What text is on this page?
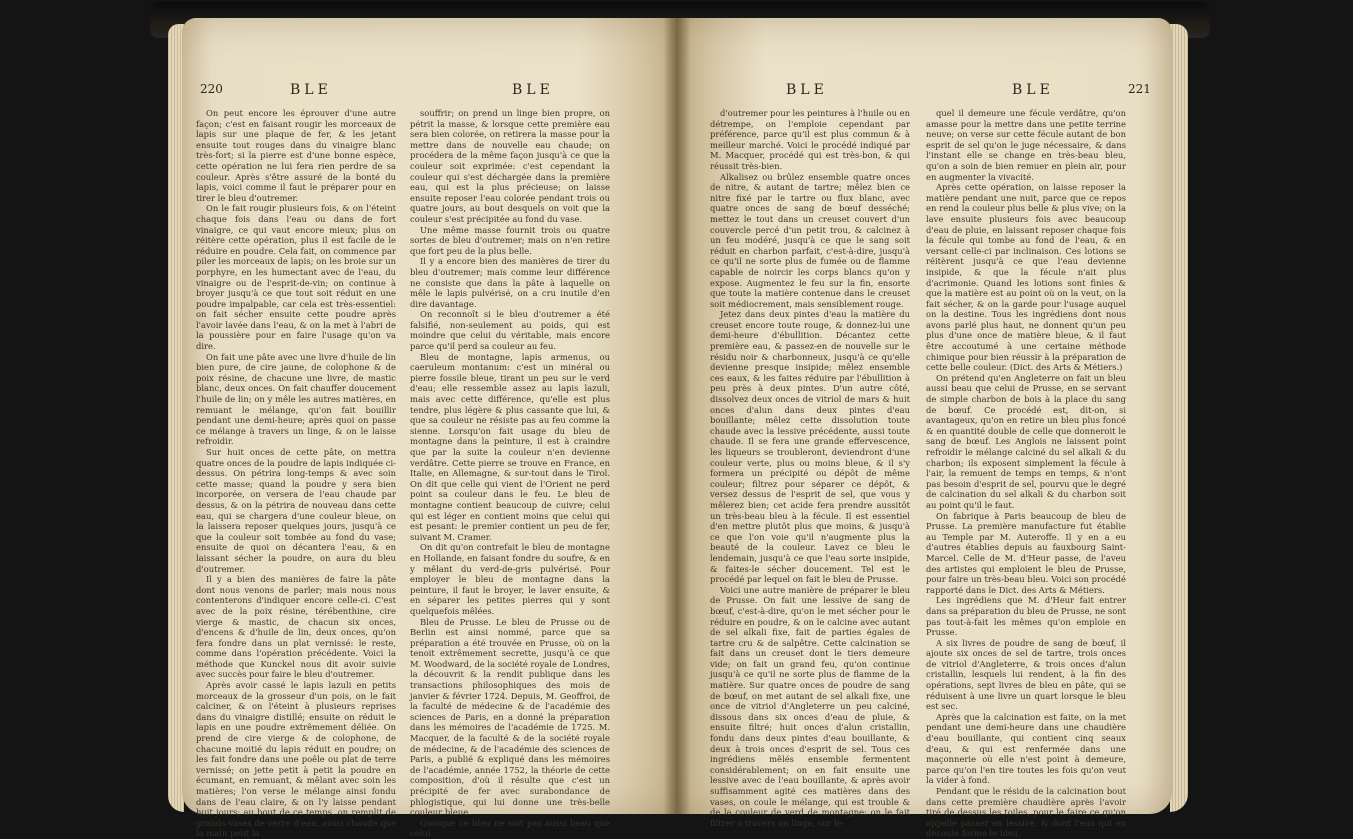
220	BLE	BLE

On peut encore les éprouver d'une autre façon; c'est en faisant rougir les morceaux de lapis sur une plaque de fer, & les jetant ensuite tout rouges dans du vinaigre blanc très-fort; si la pierre est d'une bonne espèce, cette opération ne lui fera rien perdre de sa couleur. Après s'être assuré de la bonté du lapis, voici comme il faut le préparer pour en tirer le bleu d'outremer.

On le fait rougir plusieurs fois, & on l'éteint chaque fois dans l'eau ou dans de fort vinaigre, ce qui vaut encore mieux; plus on réitère cette opération, plus il est facile de le réduire en poudre. Cela fait, on commence par piler les morceaux de lapis; on les broie sur un porphyre, en les humectant avec de l'eau, du vinaigre ou de l'esprit-de-vin; on continue à broyer jusqu'à ce que tout soit réduit en une poudre impalpable, car cela est très-essentiel: on fait sécher ensuite cette poudre après l'avoir lavée dans l'eau, & on la met à l'abri de la poussière pour en faire l'usage qu'on va dire.

On fait une pâte avec une livre d'huile de lin bien pure, de cire jaune, de colophone & de poix résine, de chacune une livre, de mastic blanc, deux onces. On fait chauffer doucement l'huile de lin; on y mêle les autres matières, en remuant le mélange, qu'on fait bouillir pendant une demi-heure; après quoi on passe ce mélange à travers un linge, & on le laisse refroidir.

Sur huit onces de cette pâte, on mettra quatre onces de la poudre de lapis indiquée ci-dessus. On pétrira long-temps & avec soin cette masse; quand la poudre y sera bien incorporée, on versera de l'eau chaude par dessus, & on la pétrira de nouveau dans cette eau, qui se chargera d'une couleur bleue, on la laissera reposer quelques jours, jusqu'à ce que la couleur soit tombée au fond du vase; ensuite de quoi on décantera l'eau, & en laissant sécher la poudre, on aura du bleu d'outremer.

Il y a bien des manières de faire la pâte dont nous venons de parler; mais nous nous contenterons d'indiquer encore celle-ci. C'est avec de la poix résine, térébenthine, cire vierge & mastic, de chacun six onces, d'encens & d'huile de lin, deux onces, qu'on fera fondre dans un plat vernissé: le reste, comme dans l'opération précédente. Voici la méthode que Kunckel nous dit avoir suivie avec succès pour faire le bleu d'outremer.

Après avoir cassé le lapis lazuli en petits morceaux de la grosseur d'un pois, on le fait calciner, & on l'éteint à plusieurs reprises dans du vinaigre distillé; ensuite on réduit le lapis en une poudre extrêmement déliée. On prend de cire vierge & de colophone, de chacune moitié du lapis réduit en poudre; on les fait fondre dans une poêle ou plat de terre vernissé; on jette petit à petit la poudre en écumant, en remuant, & mêlant avec soin les matières; l'on verse le mélange ainsi fondu dans de l'eau claire, & on l'y laisse pendant huit jours; au bout de ce temps, on remplit de grands vases de verre d'eau, aussi chaude que la main peut la

souffrir; on prend un linge bien propre, on pétrit la masse, & lorsque cette première eau sera bien colorée, on retirera la masse pour la mettre dans de nouvelle eau chaude; on procédera de la même façon jusqu'à ce que la couleur soit exprimée: c'est cependant la couleur qui s'est déchargée dans la première eau, qui est la plus précieuse; on laisse ensuite reposer l'eau colorée pendant trois ou quatre jours, au bout desquels on voit que la couleur s'est précipitée au fond du vase.

Une même masse fournit trois ou quatre sortes de bleu d'outremer; mais on n'en retire que fort peu de la plus belle.

Il y a encore bien des manières de tirer du bleu d'outremer; mais comme leur différence ne consiste que dans la pâte à laquelle on mêle le lapis pulvérisé, on a cru inutile d'en dire davantage.

On reconnoît si le bleu d'outremer a été falsifié, non-seulement au poids, qui est moindre que celui du véritable, mais encore parce qu'il perd sa couleur au feu.

Bleu de montagne, lapis armenus, ou caeruleum montanum: c'est un minéral ou pierre fossile bleue, tirant un peu sur le verd d'eau; elle ressemble assez au lapis lazuli, mais avec cette différence, qu'elle est plus tendre, plus légère & plus cassante que lui, & que sa couleur ne résiste pas au feu comme la sienne. Lorsqu'on fait usage du bleu de montagne dans la peinture, il est à craindre que par la suite la couleur n'en devienne verdâtre. Cette pierre se trouve en France, en Italie, en Allemagne, & sur-tout dans le Tirol. On dit que celle qui vient de l'Orient ne perd point sa couleur dans le feu. Le bleu de montagne contient beaucoup de cuivre; celui qui est léger en contient moins que celui qui est pesant: le premier contient un peu de fer, suivant M. Cramer.

On dit qu'on contrefait le bleu de montagne en Hollande, en faisant fondre du soufre, & en y mêlant du verd-de-gris pulvérisé. Pour employer le bleu de montagne dans la peinture, il faut le broyer, le laver ensuite, & en séparer les petites pierres qui y sont quelquefois mêlées.

Bleu de Prusse. Le bleu de Prusse ou de Berlin est ainsi nommé, parce que sa préparation a été trouvée en Prusse, où on la tenoit extrêmement secrette, jusqu'à ce que M. Woodward, de la société royale de Londres, la découvrit & la rendit publique dans les transactions philosophiques des mois de janvier & février 1724. Depuis, M. Geoffroi, de la faculté de médecine & de l'académie des sciences de Paris, en a donné la préparation dans les mémoires de l'académie de 1725. M. Macquer, de la faculté & de la société royale de médecine, & de l'académie des sciences de Paris, a publié & expliqué dans les mémoires de l'académie, année 1752, la théorie de cette composition, d'où il résulte que c'est un précipité de fer avec surabondance de phlogistique, qui lui donne une très-belle couleur bleue.

Quoique ce bleu ne soit pas aussi beau que celui

BLE	BLE	221

d'outremer pour les peintures à l'huile ou en détrempe, on l'emploie cependant par préférence, parce qu'il est plus commun & à meilleur marché. Voici le procédé indiqué par M. Macquer, procédé qui est très-bon, & qui réussit très-bien.

Alkalisez ou brûlez ensemble quatre onces de nitre, & autant de tartre; mêlez bien ce nitre fixé par le tartre ou flux blanc, avec quatre onces de sang de bœuf desséché; mettez le tout dans un creuset couvert d'un couvercle percé d'un petit trou, & calcinez à un feu modéré, jusqu'à ce que le sang soit réduit en charbon parfait, c'est-à-dire, jusqu'à ce qu'il ne sorte plus de fumée ou de flamme capable de noircir les corps blancs qu'on y expose. Augmentez le feu sur la fin, ensorte que toute la matière contenue dans le creuset soit médiocrement, mais sensiblement rouge.

Jetez dans deux pintes d'eau la matière du creuset encore toute rouge, & donnez-lui une demi-heure d'ébullition. Décantez cette première eau, & passez-en de nouvelle sur le résidu noir & charbonneux, jusqu'à ce qu'elle devienne presque insipide; mêlez ensemble ces eaux, & les faites réduire par l'ébullition à peu près à deux pintes. D'un autre côté, dissolvez deux onces de vitriol de mars & huit onces d'alun dans deux pintes d'eau bouillante; mêlez cette dissolution toute chaude avec la lessive précédente, aussi toute chaude. Il se fera une grande effervescence, les liqueurs se troubleront, deviendront d'une couleur verte, plus ou moins bleue, & il s'y formera un précipité ou dépôt de même couleur; filtrez pour séparer ce dépôt, & versez dessus de l'esprit de sel, que vous y mêlerez bien; cet acide fera prendre aussitôt un très-beau bleu à la fécule. Il est essentiel d'en mettre plutôt plus que moins, & jusqu'à ce que l'on voie qu'il n'augmente plus la beauté de la couleur. Lavez ce bleu le lendemain, jusqu'à ce que l'eau sorte insipide, & faites-le sécher doucement. Tel est le procédé par lequel on fait le bleu de Prusse.

Voici une autre manière de préparer le bleu de Prusse. On fait une lessive de sang de bœuf, c'est-à-dire, qu'on le met sécher pour le réduire en poudre, & on le calcine avec autant de sel alkali fixe, fait de parties égales de tartre cru & de salpêtre. Cette calcination se fait dans un creuset dont le tiers demeure vide; on fait un grand feu, qu'on continue jusqu'à ce qu'il ne sorte plus de flamme de la matière. Sur quatre onces de poudre de sang de bœuf, on met autant de sel alkali fixe, une once de vitriol d'Angleterre un peu calciné, dissous dans six onces d'eau de pluie, & ensuite filtré; huit onces d'alun cristallin, fondu dans deux pintes d'eau bouillante, & deux à trois onces d'esprit de sel. Tous ces ingrédiens mêlés ensemble fermentent considérablement; on en fait ensuite une lessive avec de l'eau bouillante, & après avoir suffisamment agité ces matières dans des vases, on coule le mélange, qui est trouble & de la couleur de verd de montagne; on le fait filtrer à travers un linge, sur le-

quel il demeure une fécule verdâtre, qu'on amasse pour la mettre dans une petite terrine neuve; on verse sur cette fécule autant de bon esprit de sel qu'on le juge nécessaire, & dans l'instant elle se change en très-beau bleu, qu'on a soin de bien remuer en plein air, pour en augmenter la vivacité.

Après cette opération, on laisse reposer la matière pendant une nuit, parce que ce repos en rend la couleur plus belle & plus vive; on la lave ensuite plusieurs fois avec beaucoup d'eau de pluie, en laissant reposer chaque fois la fécule qui tombe au fond de l'eau, & en versant celle-ci par inclinaison. Ces lotions se réitèrent jusqu'à ce que l'eau devienne insipide, & que la fécule n'ait plus d'acrimonie. Quand les lotions sont finies & que la matière est au point où on la veut, on la fait sécher, & on la garde pour l'usage auquel on la destine. Tous les ingrédiens dont nous avons parlé plus haut, ne donnent qu'un peu plus d'une once de matière bleue, & il faut être accoutumé à une certaine méthode chimique pour bien réussir à la préparation de cette belle couleur. (Dict. des Arts & Métiers.)

On prétend qu'en Angleterre on fait un bleu aussi beau que celui de Prusse, en se servant de simple charbon de bois à la place du sang de bœuf. Ce procédé est, dit-on, si avantageux, qu'on en retire un bleu plus foncé & en quantité double de celle que donneroit le sang de bœuf. Les Anglois ne laissent point refroidir le mélange calciné du sel alkali & du charbon; ils exposent simplement la fécule à l'air, la remuent de temps en temps, & n'ont pas besoin d'esprit de sel, pourvu que le degré de calcination du sel alkali & du charbon soit au point qu'il le faut.

On fabrique à Paris beaucoup de bleu de Prusse. La première manufacture fut établie au Temple par M. Auteroffe. Il y en a eu d'autres établies depuis au fauxbourg Saint-Marcel. Celle de M. d'Heur passe, de l'aveu des artistes qui emploient le bleu de Prusse, pour faire un très-beau bleu. Voici son procédé rapporté dans le Dict. des Arts & Métiers.

Les ingrédiens que M. d'Heur fait entrer dans sa préparation du bleu de Prusse, ne sont pas tout-à-fait les mêmes qu'on emploie en Prusse.

A six livres de poudre de sang de bœuf, il ajoute six onces de sel de tartre, trois onces de vitriol d'Angleterre, & trois onces d'alun cristallin, lesquels lui rendent, à la fin des opérations, sept livres de bleu en pâte, qui se réduisent à une livre un quart lorsque le bleu est sec.

Après que la calcination est faite, on la met pendant une demi-heure dans une chaudière d'eau bouillante, qui contient cinq seaux d'eau, & qui est renfermée dans une maçonnerie où elle n'est point à demeure, parce qu'on l'en tire toutes les fois qu'on veut la vider à fond.

Pendant que le résidu de la calcination bout dans cette première chaudière après l'avoir tiré de dessus les toiles, pour le faire ce qu'on appelle passer en lessive, & dont l'eau qui en découle forme le bleu,
